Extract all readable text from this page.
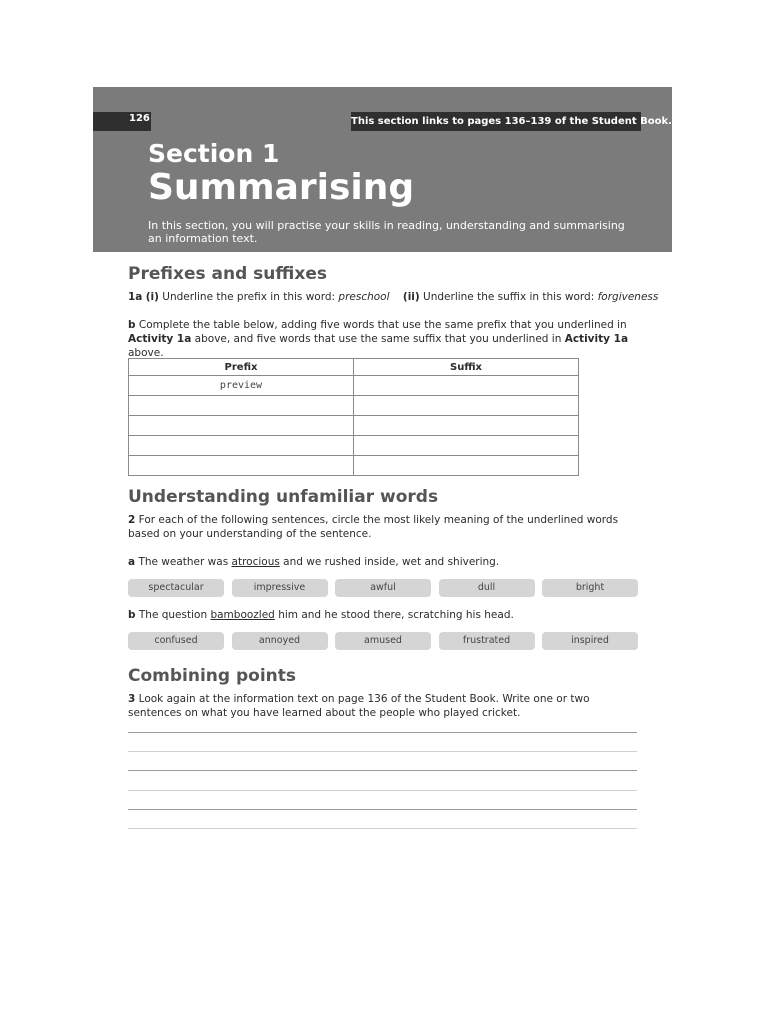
126	This section links to pages 136–139 of the Student Book.
Section 1
Summarising
In this section, you will practise your skills in reading, understanding and summarising an information text.
Prefixes and suffixes
1a (i) Underline the prefix in this word: preschool (ii) Underline the suffix in this word: forgiveness
b Complete the table below, adding five words that use the same prefix that you underlined in Activity 1a above, and five words that use the same suffix that you underlined in Activity 1a above.
Prefix	Suffix
preview	

Understanding unfamiliar words
2 For each of the following sentences, circle the most likely meaning of the underlined words based on your understanding of the sentence.
a The weather was atrocious and we rushed inside, wet and shivering.
spectacular	impressive	awful	dull	bright
b The question bamboozled him and he stood there, scratching his head.
confused	annoyed	amused	frustrated	inspired
Combining points
3 Look again at the information text on page 136 of the Student Book. Write one or two sentences on what you have learned about the people who played cricket.
